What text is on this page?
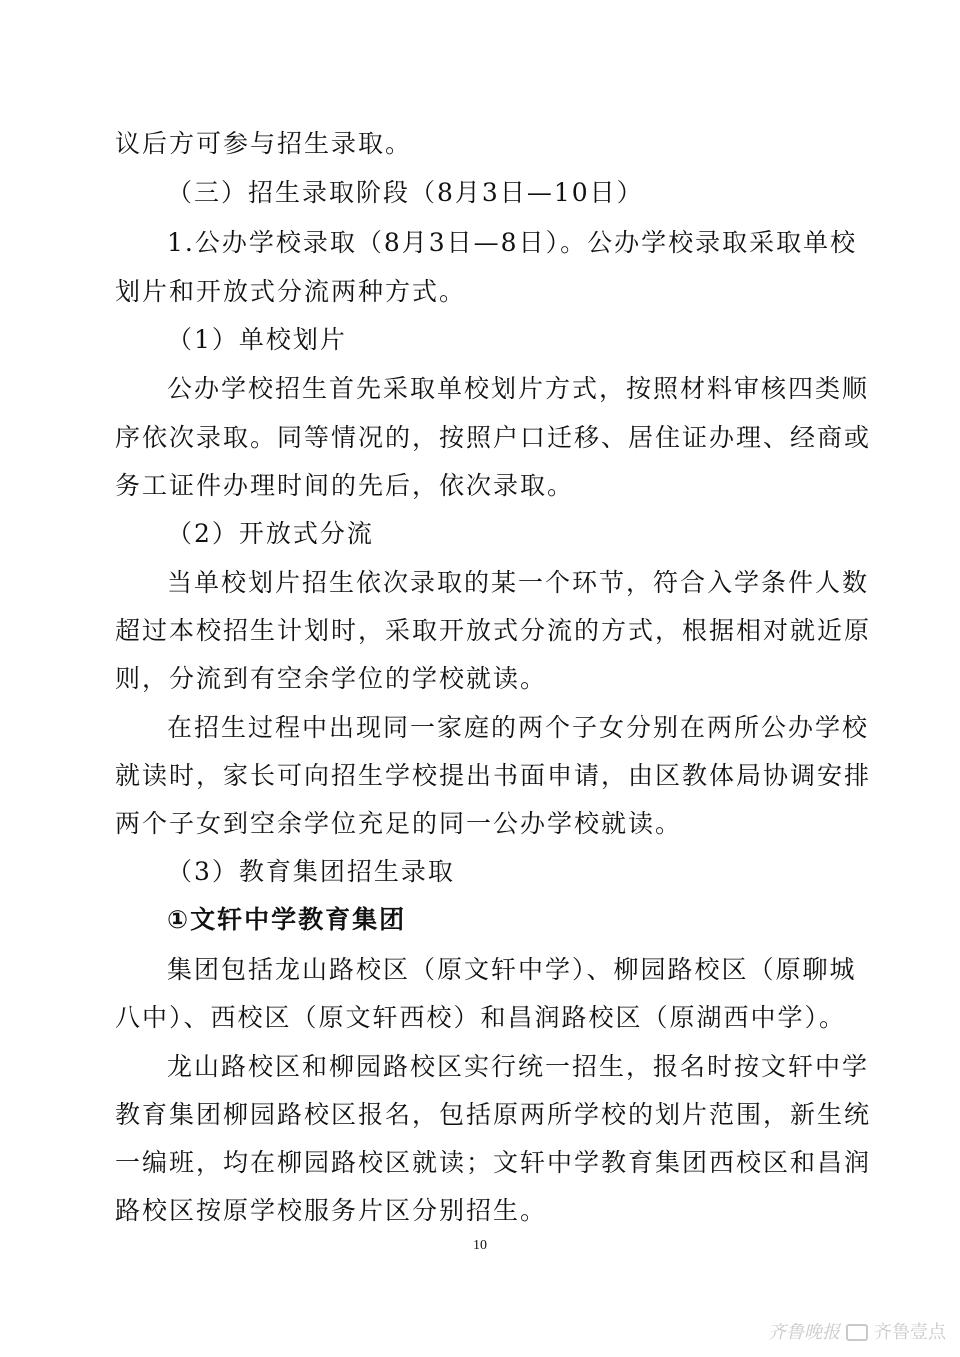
议后方可参与招生录取。
（三）招生录取阶段（8月3日—10日）
1.公办学校录取（8月3日—8日）。公办学校录取采取单校
划片和开放式分流两种方式。
（1）单校划片
公办学校招生首先采取单校划片方式，按照材料审核四类顺
序依次录取。同等情况的，按照户口迁移、居住证办理、经商或
务工证件办理时间的先后，依次录取。
（2）开放式分流
当单校划片招生依次录取的某一个环节，符合入学条件人数
超过本校招生计划时，采取开放式分流的方式，根据相对就近原
则，分流到有空余学位的学校就读。
在招生过程中出现同一家庭的两个子女分别在两所公办学校
就读时，家长可向招生学校提出书面申请，由区教体局协调安排
两个子女到空余学位充足的同一公办学校就读。
（3）教育集团招生录取
①文轩中学教育集团
集团包括龙山路校区（原文轩中学）、柳园路校区（原聊城
八中）、西校区（原文轩西校）和昌润路校区（原湖西中学）。
龙山路校区和柳园路校区实行统一招生，报名时按文轩中学
教育集团柳园路校区报名，包括原两所学校的划片范围，新生统
一编班，均在柳园路校区就读；文轩中学教育集团西校区和昌润
路校区按原学校服务片区分别招生。
10
齐鲁晚报 齐鲁壹点
